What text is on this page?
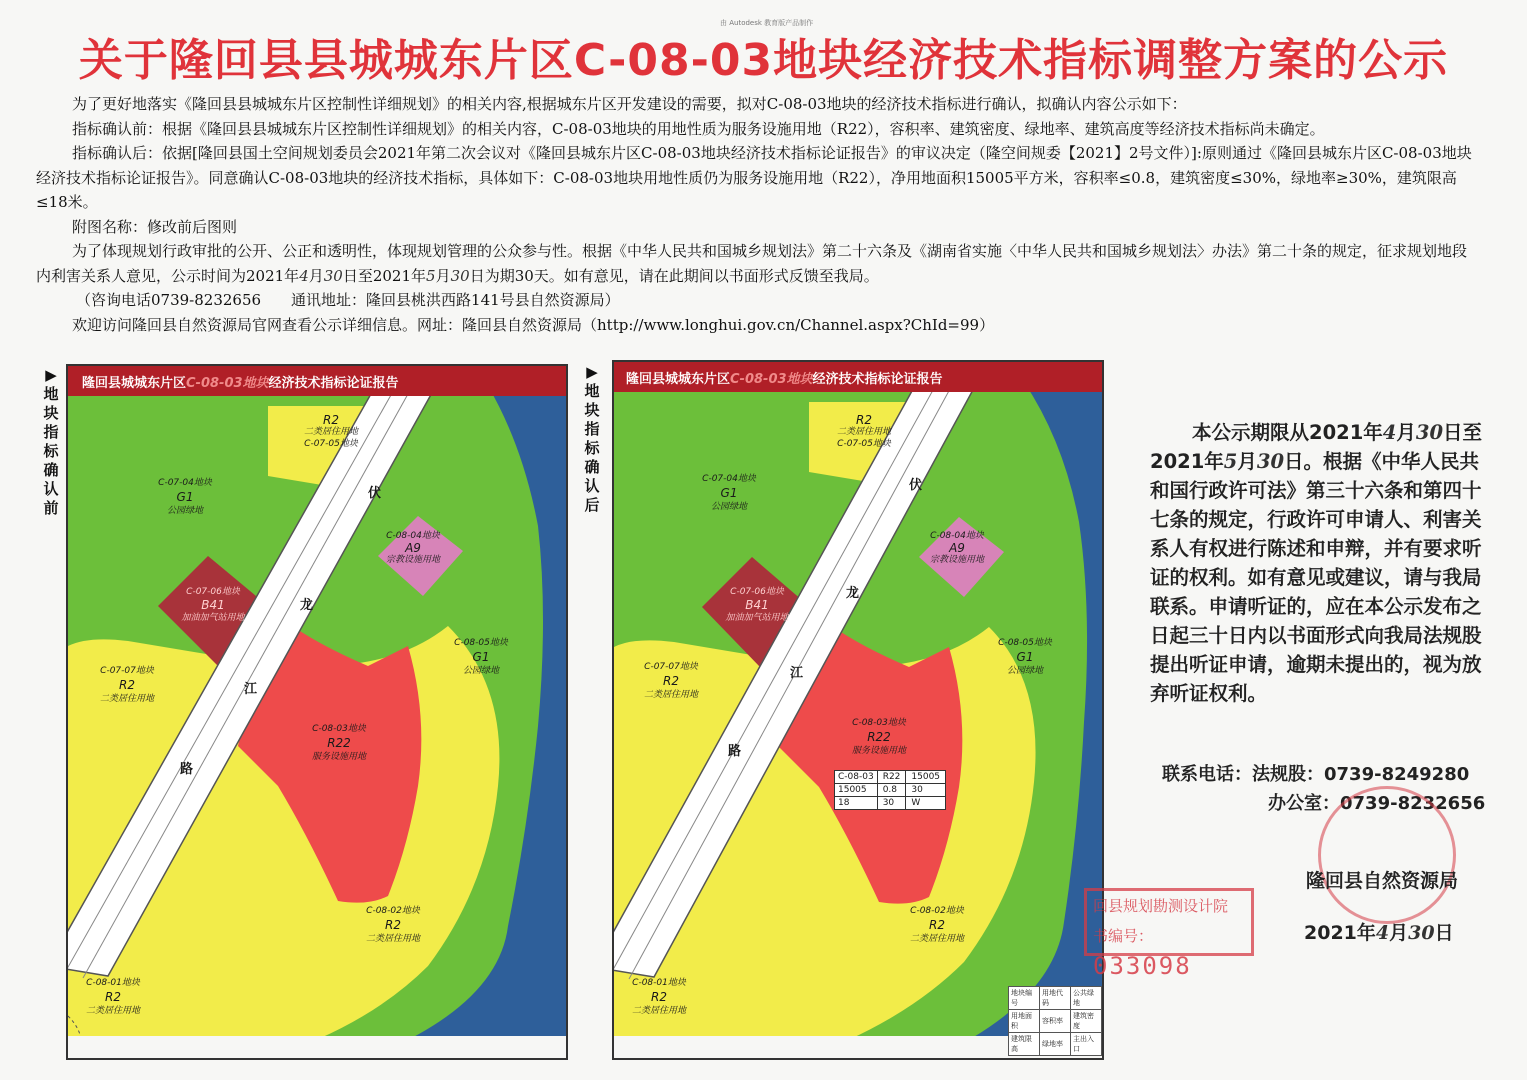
由 Autodesk 教育版产品制作
关于隆回县县城城东片区C-08-03地块经济技术指标调整方案的公示

为了更好地落实《隆回县县城城东片区控制性详细规划》的相关内容,根据城东片区开发建设的需要，拟对C-08-03地块的经济技术指标进行确认，拟确认内容公示如下：

指标确认前：根据《隆回县县城城东片区控制性详细规划》的相关内容，C-08-03地块的用地性质为服务设施用地（R22），容积率、建筑密度、绿地率、建筑高度等经济技术指标尚未确定。

指标确认后：依据[隆回县国土空间规划委员会2021年第二次会议对《隆回县城东片区C-08-03地块经济技术指标论证报告》的审议决定（隆空间规委【2021】2号文件）]:原则通过《隆回县城东片区C-08-03地块经济技术指标论证报告》。同意确认C-08-03地块的经济技术指标，具体如下：C-08-03地块用地性质仍为服务设施用地（R22），净用地面积15005平方米，容积率≤0.8，建筑密度≤30%，绿地率≥30%，建筑限高≤18米。

附图名称：修改前后图则

为了体现规划行政审批的公开、公正和透明性，体现规划管理的公众参与性。根据《中华人民共和国城乡规划法》第二十六条及《湖南省实施〈中华人民共和国城乡规划法〉办法》第二十条的规定，征求规划地段内利害关系人意见，公示时间为2021年4月30日至2021年5月30日为期30天。如有意见，请在此期间以书面形式反馈至我局。

（咨询电话0739-8232656　　通讯地址：隆回县桃洪西路141号县自然资源局）

欢迎访问隆回县自然资源局官网查看公示详细信息。网址：隆回县自然资源局（http://www.longhui.gov.cn/Channel.aspx?ChId=99）

▶地块指标确认前
▶地块指标确认后
隆回县城城东片区C-08-03地块经济技术指标论证报告
伏
龙
江
路
R2
二类居住用地
C-07-05地块
C-07-04地块
G1
公园绿地
C-08-04地块
A9
宗教设施用地
C-07-06地块
B41
加油加气站用地
C-08-05地块
G1
公园绿地
C-07-07地块
R2
二类居住用地
C-08-03地块
R22
服务设施用地
C-08-02地块
R2
二类居住用地
C-08-01地块
R2
二类居住用地
隆回县城城东片区C-08-03地块经济技术指标论证报告
伏
龙
江
路
R2
二类居住用地
C-07-05地块
C-07-04地块
G1
公园绿地
C-08-04地块
A9
宗教设施用地
C-07-06地块
B41
加油加气站用地
C-08-05地块
G1
公园绿地
C-07-07地块
R2
二类居住用地
C-08-03地块
R22
服务设施用地
C-08-03	R22	15005
15005	0.8	30
18	30	W
C-08-02地块
R2
二类居住用地
C-08-01地块
R2
二类居住用地
地块编号	用地代码	公共绿地
用地面积	容积率	建筑密度
建筑限高	绿地率	主出入口

本公示期限从2021年4月30日至2021年5月30日。根据《中华人民共和国行政许可法》第三十六条和第四十七条的规定，行政许可申请人、利害关系人有权进行陈述和申辩，并有要求听证的权利。如有意见或建议，请与我局联系。申请听证的，应在本公示发布之日起三十日内以书面形式向我局法规股提出听证申请，逾期未提出的，视为放弃听证权利。

联系电话：法规股：0739-8249280
办公室：0739-8232656
隆回县自然资源局
2021年4月30日
回县规划勘测设计院
书编号：033098
